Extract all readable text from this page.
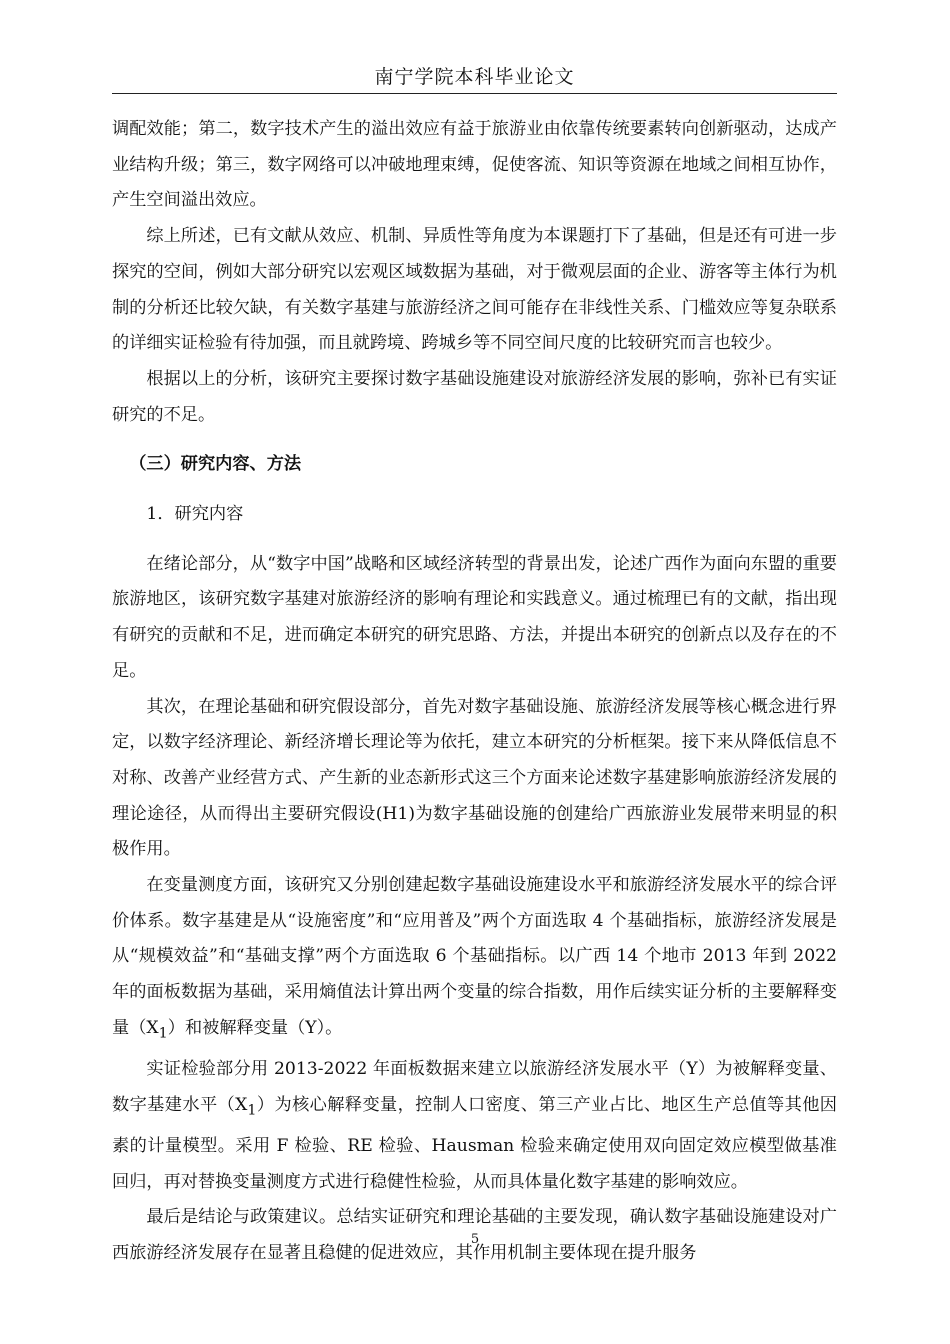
南宁学院本科毕业论文

调配效能；第二，数字技术产生的溢出效应有益于旅游业由依靠传统要素转向创新驱动，达成产业结构升级；第三，数字网络可以冲破地理束缚，促使客流、知识等资源在地域之间相互协作，产生空间溢出效应。

综上所述，已有文献从效应、机制、异质性等角度为本课题打下了基础，但是还有可进一步探究的空间，例如大部分研究以宏观区域数据为基础，对于微观层面的企业、游客等主体行为机制的分析还比较欠缺，有关数字基建与旅游经济之间可能存在非线性关系、门槛效应等复杂联系的详细实证检验有待加强，而且就跨境、跨城乡等不同空间尺度的比较研究而言也较少。

根据以上的分析，该研究主要探讨数字基础设施建设对旅游经济发展的影响，弥补已有实证研究的不足。

（三）研究内容、方法
1．研究内容

在绪论部分，从“数字中国”战略和区域经济转型的背景出发，论述广西作为面向东盟的重要旅游地区，该研究数字基建对旅游经济的影响有理论和实践意义。通过梳理已有的文献，指出现有研究的贡献和不足，进而确定本研究的研究思路、方法，并提出本研究的创新点以及存在的不足。

其次，在理论基础和研究假设部分，首先对数字基础设施、旅游经济发展等核心概念进行界定，以数字经济理论、新经济增长理论等为依托，建立本研究的分析框架。接下来从降低信息不对称、改善产业经营方式、产生新的业态新形式这三个方面来论述数字基建影响旅游经济发展的理论途径，从而得出主要研究假设(H1)为数字基础设施的创建给广西旅游业发展带来明显的积极作用。

在变量测度方面，该研究又分别创建起数字基础设施建设水平和旅游经济发展水平的综合评价体系。数字基建是从“设施密度”和“应用普及”两个方面选取 4 个基础指标，旅游经济发展是从“规模效益”和“基础支撑”两个方面选取 6 个基础指标。以广西 14 个地市 2013 年到 2022 年的面板数据为基础，采用熵值法计算出两个变量的综合指数，用作后续实证分析的主要解释变量$(X_1)$和被解释变量（Y）。

实证检验部分用 2013-2022 年面板数据来建立以旅游经济发展水平（Y）为被解释变量、数字基建水平$(X_1)$为核心解释变量，控制人口密度、第三产业占比、地区生产总值等其他因素的计量模型。采用 F 检验、RE 检验、Hausman 检验来确定使用双向固定效应模型做基准回归，再对替换变量测度方式进行稳健性检验，从而具体量化数字基建的影响效应。

最后是结论与政策建议。总结实证研究和理论基础的主要发现，确认数字基础设施建设对广西旅游经济发展存在显著且稳健的促进效应，其作用机制主要体现在提升服务

5
